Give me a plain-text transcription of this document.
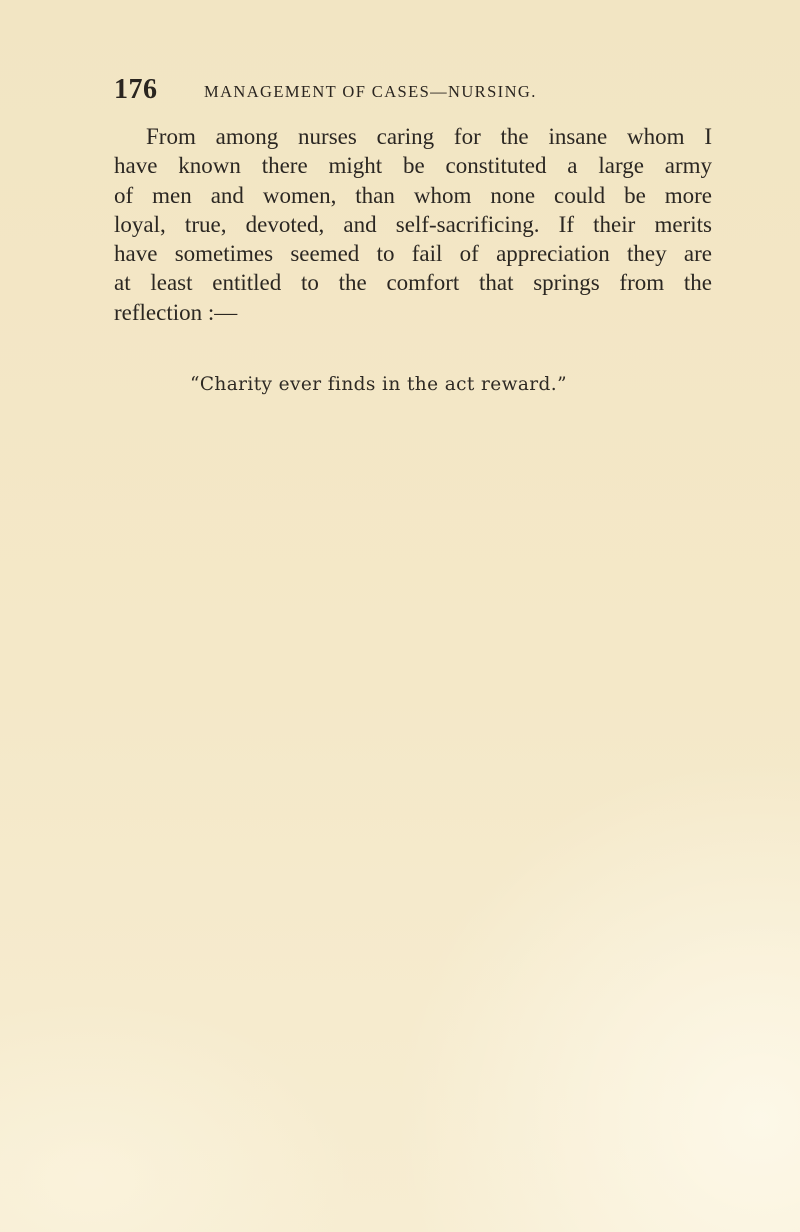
176	MANAGEMENT OF CASES—NURSING.
From among nurses caring for the insane whom I
have known there might be constituted a large army
of men and women, than whom none could be more
loyal, true, devoted, and self-sacrificing. If their merits
have sometimes seemed to fail of appreciation they are
at least entitled to the comfort that springs from the
reflection :—
“Charity ever finds in the act reward.”
